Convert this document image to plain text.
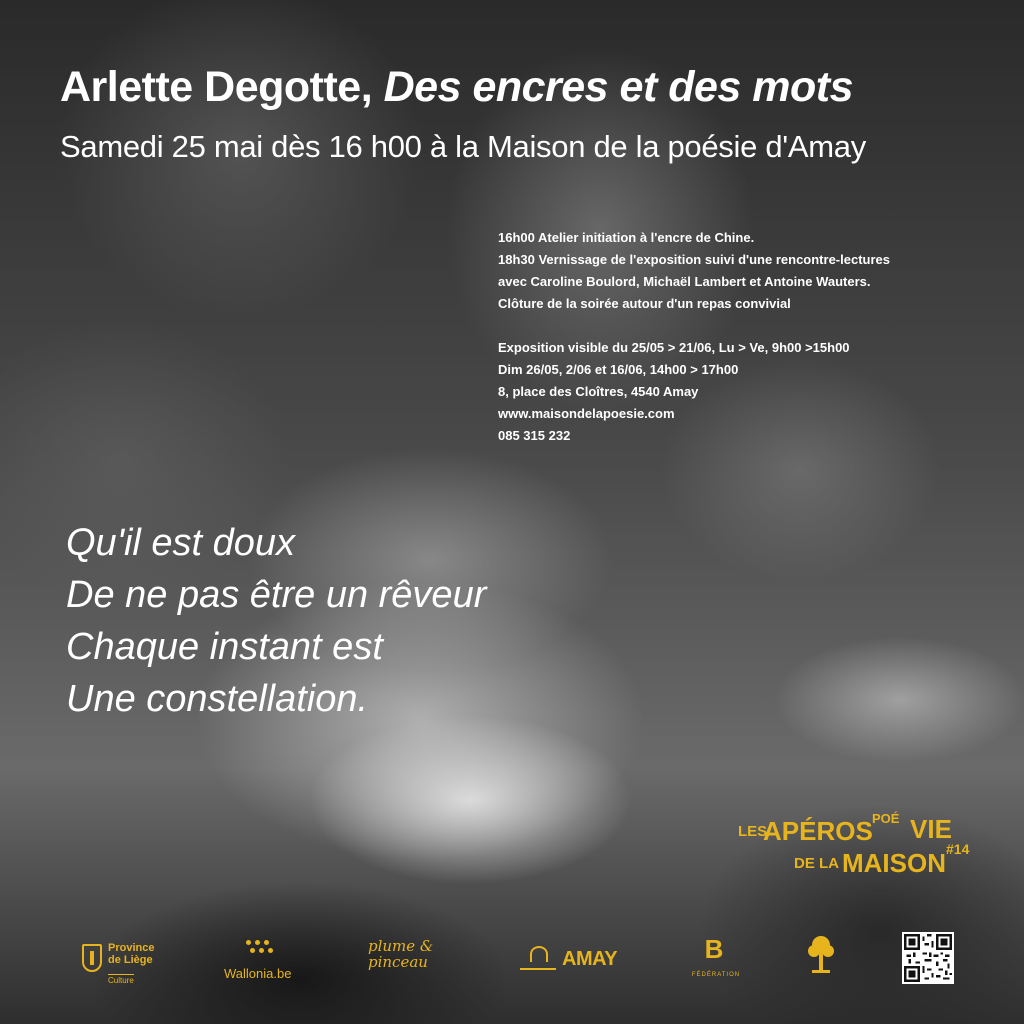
Arlette Degotte, Des encres et des mots

Samedi 25 mai dès 16 h00 à la Maison de la poésie d'Amay

16h00 Atelier initiation à l'encre de Chine.
18h30 Vernissage de l'exposition suivi d'une rencontre-lectures
avec Caroline Boulord, Michaël Lambert et Antoine Wauters.
Clôture de la soirée autour d'un repas convivial
Exposition visible du 25/05 > 21/06, Lu > Ve, 9h00 >15h00
Dim 26/05, 2/06 et 16/06, 14h00 > 17h00
8, place des Cloîtres, 4540 Amay
www.maisondelapoesie.com
085 315 232
Qu'il est doux
De ne pas être un rêveur
Chaque instant est
Une constellation.
LES
APÉROS POÉ VIE
DE LA MAISON #14
Province
de Liège
Culture	Wallonia.be
plume &
pinceau	AMAY	B
FÉDÉRATION
